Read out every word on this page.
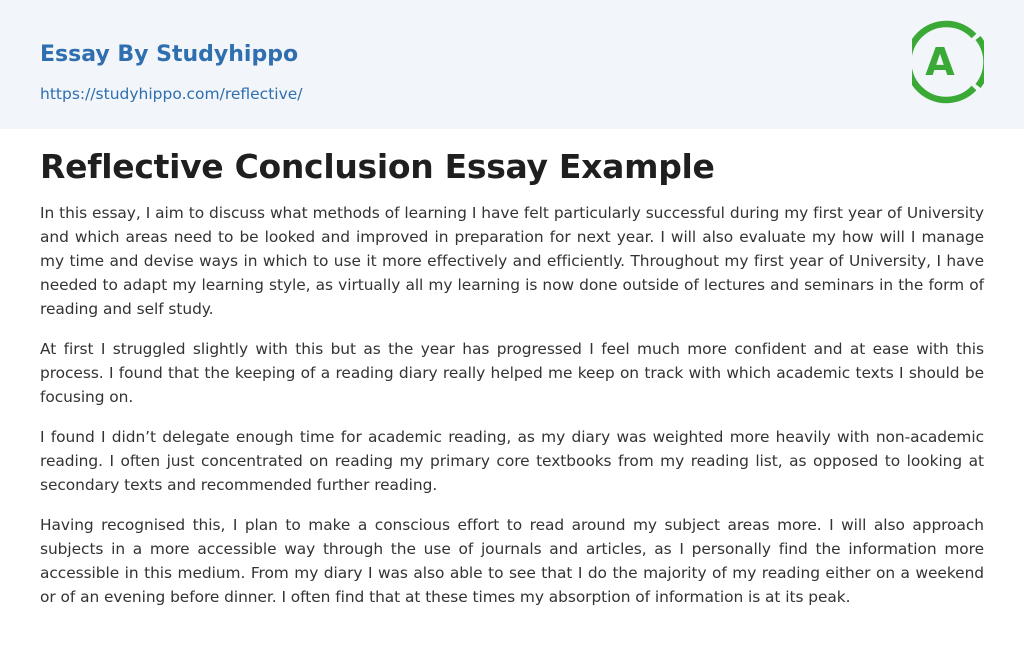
Essay By Studyhippo
https://studyhippo.com/reflective/
A
Reflective Conclusion Essay Example

In this essay, I aim to discuss what methods of learning I have felt particularly successful during my first year of University and which areas need to be looked and improved in preparation for next year. I will also evaluate my how will I manage my time and devise ways in which to use it more effectively and efficiently. Throughout my first year of University, I have needed to adapt my learning style, as virtually all my learning is now done outside of lectures and seminars in the form of reading and self study.

At first I struggled slightly with this but as the year has progressed I feel much more confident and at ease with this process. I found that the keeping of a reading diary really helped me keep on track with which academic texts I should be focusing on.

I found I didn’t delegate enough time for academic reading, as my diary was weighted more heavily with non-academic reading. I often just concentrated on reading my primary core textbooks from my reading list, as opposed to looking at secondary texts and recommended further reading.

Having recognised this, I plan to make a conscious effort to read around my subject areas more. I will also approach subjects in a more accessible way through the use of journals and articles, as I personally find the information more accessible in this medium. From my diary I was also able to see that I do the majority of my reading either on a weekend or of an evening before dinner. I often find that at these times my absorption of information is at its peak.
